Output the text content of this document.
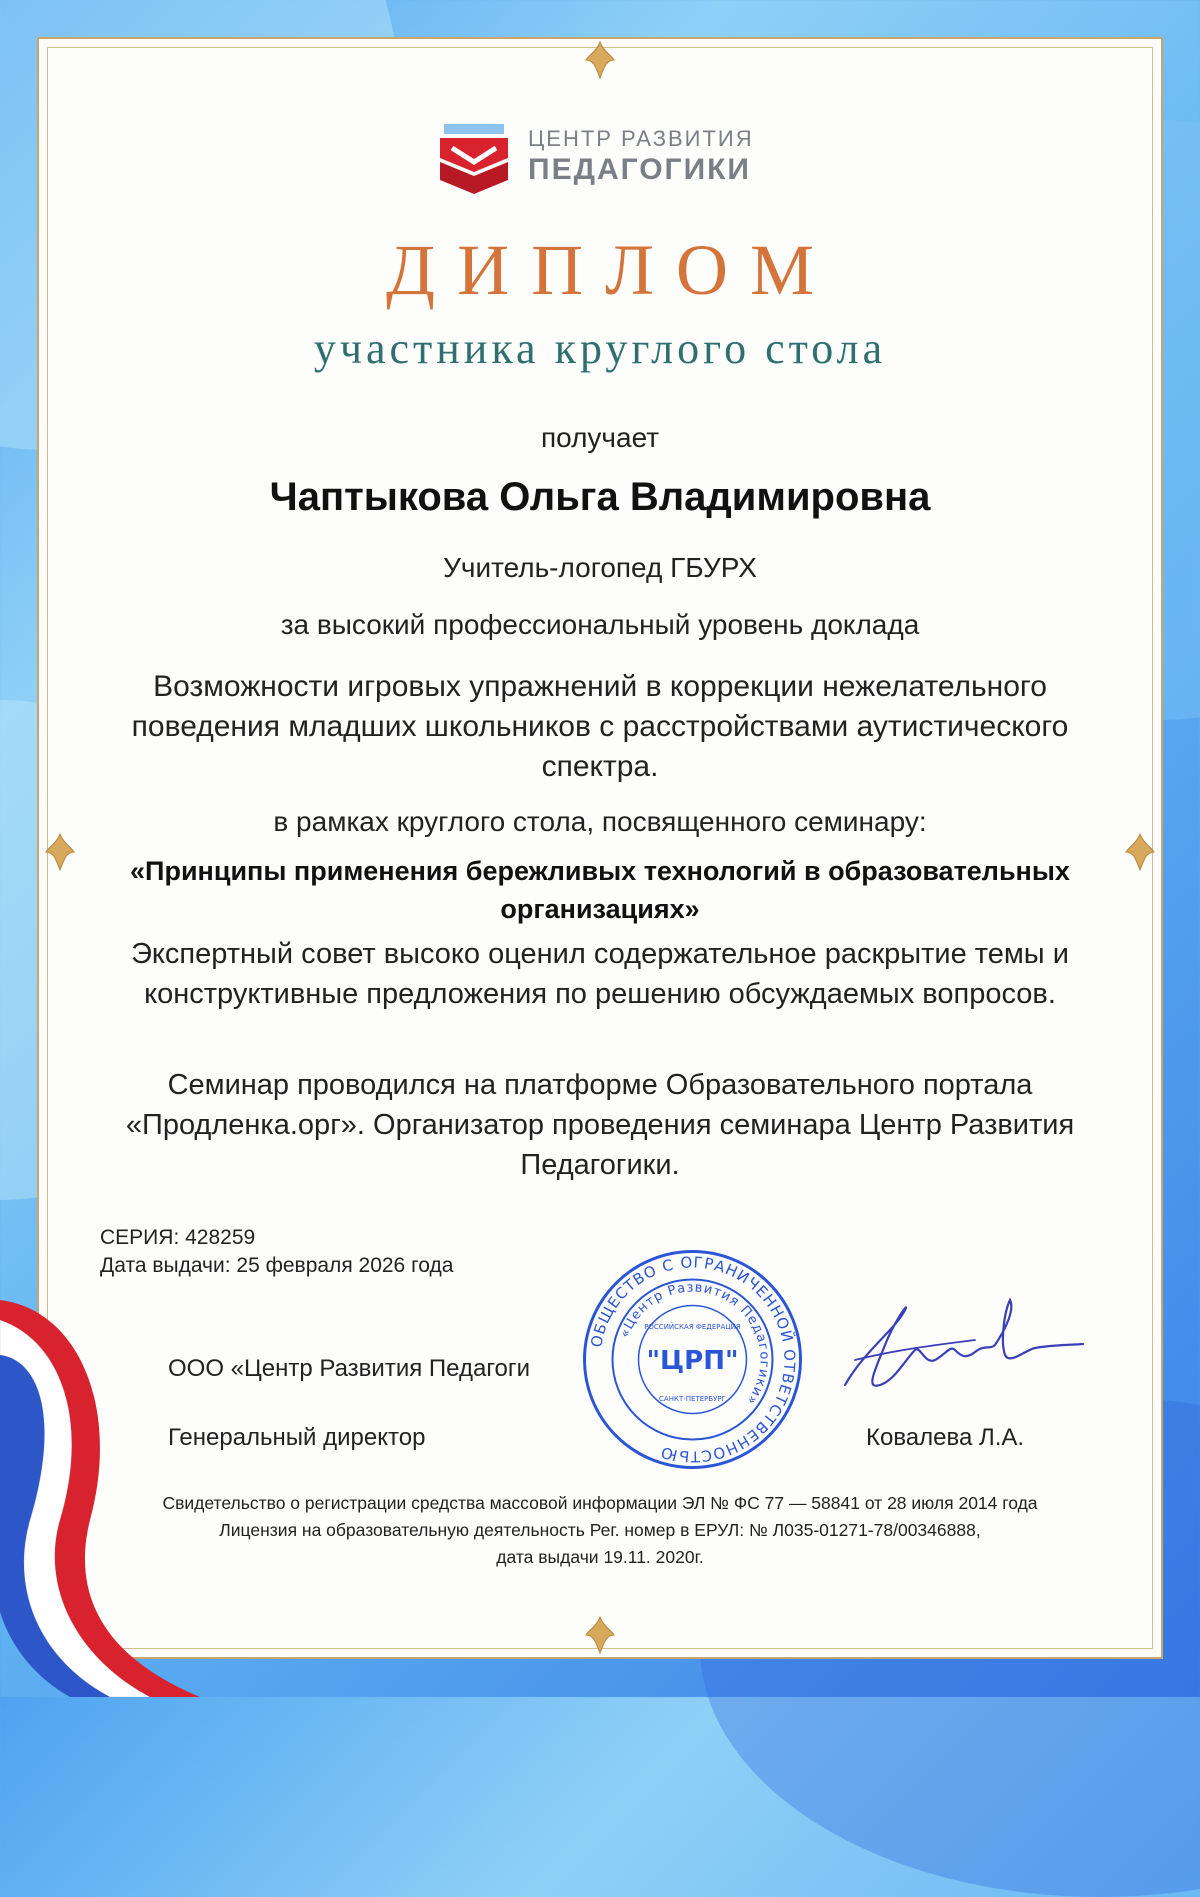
ЦЕНТР РАЗВИТИЯ
ПЕДАГОГИКИ
ДИПЛОМ
участника круглого стола
получает
Чаптыкова Ольга Владимировна
Учитель-логопед ГБУРХ
за высокий профессиональный уровень доклада
Возможности игровых упражнений в коррекции нежелательного поведения младших школьников с расстройствами аутистического спектра.
в рамках круглого стола, посвященного семинару:
«Принципы применения бережливых технологий в образовательных организациях»
Экспертный совет высоко оценил содержательное раскрытие темы и конструктивные предложения по решению обсуждаемых вопросов.
Семинар проводился на платформе Образовательного портала «Продленка.орг». Организатор проведения семинара Центр Развития Педагогики.
СЕРИЯ: 428259
Дата выдачи: 25 февраля 2026 года
ООО «Центр Развития Педагоги
Генеральный директор	Ковалева Л.А.
ОБЩЕСТВО С ОГРАНИЧЕННОЙ ОТВЕТСТВЕННОСТЬЮ
«Центр Развития Педагогики»
РОССИЙСКАЯ ФЕДЕРАЦИЯ
"ЦРП"
САНКТ-ПЕТЕРБУРГ
Свидетельство о регистрации средства массовой информации ЭЛ № ФС 77 — 58841 от 28 июля 2014 года
Лицензия на образовательную деятельность Рег. номер в ЕРУЛ: № Л035-01271-78/00346888,
дата выдачи 19.11. 2020г.
